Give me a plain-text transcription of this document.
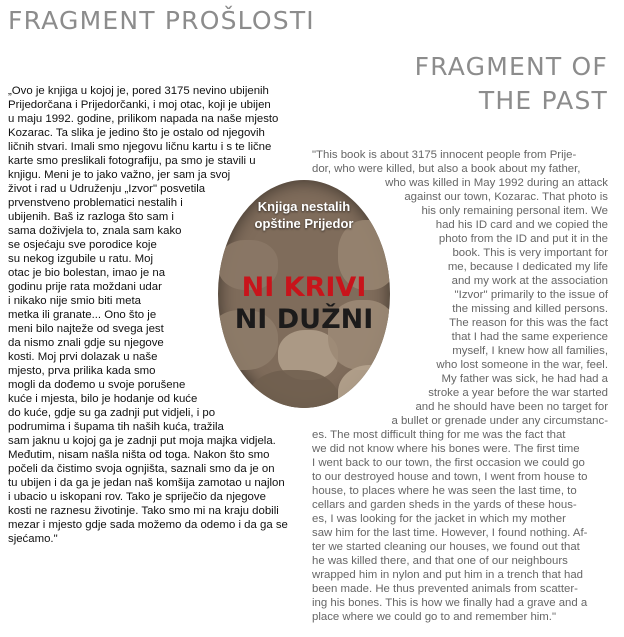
FRAGMENT PROŠLOSTI
FRAGMENT OF
THE PAST
„Ovo je knjiga u kojoj je, pored 3175 nevino ubijenih
Prijedorčana i Prijedorčanki, i moj otac, koji je ubijen
u maju 1992. godine, prilikom napada na naše mjesto
Kozarac. Ta slika je jedino što je ostalo od njegovih
ličnih stvari. Imali smo njegovu ličnu kartu i s te lične
karte smo preslikali fotografiju, pa smo je stavili u
knjigu. Meni je to jako važno, jer sam ja svoj
život i rad u Udruženju „Izvor" posvetila
prvenstveno problematici nestalih i
ubijenih. Baš iz razloga što sam i
sama doživjela to, znala sam kako
se osjećaju sve porodice koje
su nekog izgubile u ratu. Moj
otac je bio bolestan, imao je na
godinu prije rata moždani udar
i nikako nije smio biti meta
metka ili granate... Ono što je
meni bilo najteže od svega jest
da nismo znali gdje su njegove
kosti. Moj prvi dolazak u naše
mjesto, prva prilika kada smo
mogli da dođemo u svoje porušene
kuće i mjesta, bilo je hodanje od kuće
do kuće, gdje su ga zadnji put vidjeli, i po
podrumima i šupama tih naših kuća, tražila
sam jaknu u kojoj ga je zadnji put moja majka vidjela.
Međutim, nisam našla ništa od toga. Nakon što smo
počeli da čistimo svoja ognjišta, saznali smo da je on
tu ubijen i da ga je jedan naš komšija zamotao u najlon
i ubacio u iskopani rov. Tako je spriječio da njegove
kosti ne raznesu životinje. Tako smo mi na kraju dobili
mezar i mjesto gdje sada možemo da odemo i da ga se
sjećamo."
"This book is about 3175 innocent people from Prije-
dor, who were killed, but also a book about my father,
who was killed in May 1992 during an attack
against our town, Kozarac. That photo is
his only remaining personal item. We
had his ID card and we copied the
photo from the ID and put it in the
book. This is very important for
me, because I dedicated my life
and my work at the association
''Izvor'' primarily to the issue of
the missing and killed persons.
The reason for this was the fact
that I had the same experience
myself, I knew how all families,
who lost someone in the war, feel.
My father was sick, he had had a
stroke a year before the war started
and he should have been no target for
a bullet or grenade under any circumstanc-
es. The most difficult thing for me was the fact that
we did not know where his bones were. The first time
I went back to our town, the first occasion we could go
to our destroyed house and town, I went from house to
house, to places where he was seen the last time, to
cellars and garden sheds in the yards of these hous-
es, I was looking for the jacket in which my mother
saw him for the last time. However, I found nothing. Af-
ter we started cleaning our houses, we found out that
he was killed there, and that one of our neighbours
wrapped him in nylon and put him in a trench that had
been made. He thus prevented animals from scatter-
ing his bones. This is how we finally had a grave and a
place where we could go to and remember him."
Knjiga nestalih
opštine Prijedor
NI KRIVI
NI DUŽNI
